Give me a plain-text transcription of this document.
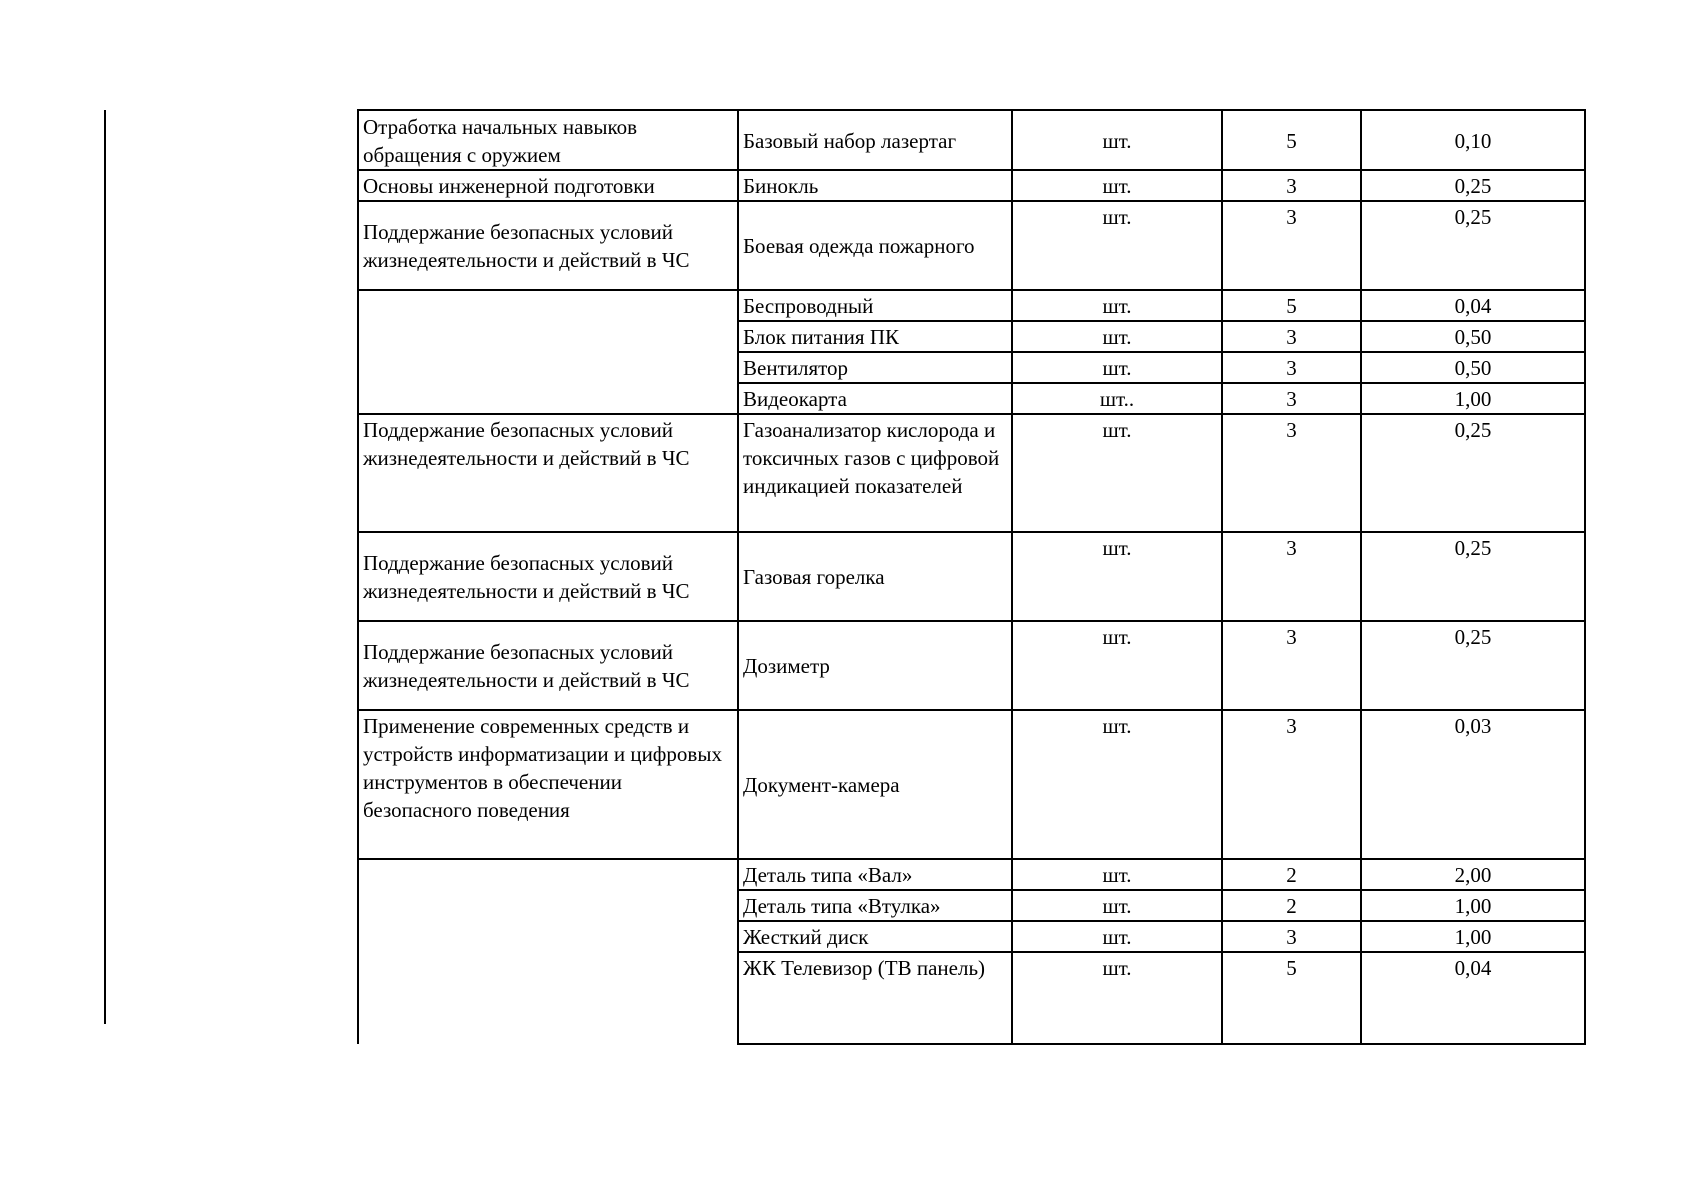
Отработка начальных навыков обращения с оружием	Базовый набор лазертаг	шт.	5	0,10
Основы инженерной подготовки	Бинокль	шт.	3	0,25
Поддержание безопасных условий жизнедеятельности и действий в ЧС	Боевая одежда пожарного	шт.	3	0,25
	Беспроводный	шт.	5	0,04
	Блок питания ПК	шт.	3	0,50
	Вентилятор	шт.	3	0,50
	Видеокарта	шт..	3	1,00
Поддержание безопасных условий жизнедеятельности и действий в ЧС	Газоанализатор кислорода и токсичных газов с цифровой индикацией показателей	шт.	3	0,25
Поддержание безопасных условий жизнедеятельности и действий в ЧС	Газовая горелка	шт.	3	0,25
Поддержание безопасных условий жизнедеятельности и действий в ЧС	Дозиметр	шт.	3	0,25
Применение современных средств и устройств информатизации и цифровых инструментов в обеспечении безопасного поведения	Документ-камера	шт.	3	0,03
	Деталь типа «Вал»	шт.	2	2,00
	Деталь типа «Втулка»	шт.	2	1,00
	Жесткий диск	шт.	3	1,00
	ЖК Телевизор (ТВ панель)	шт.	5	0,04
